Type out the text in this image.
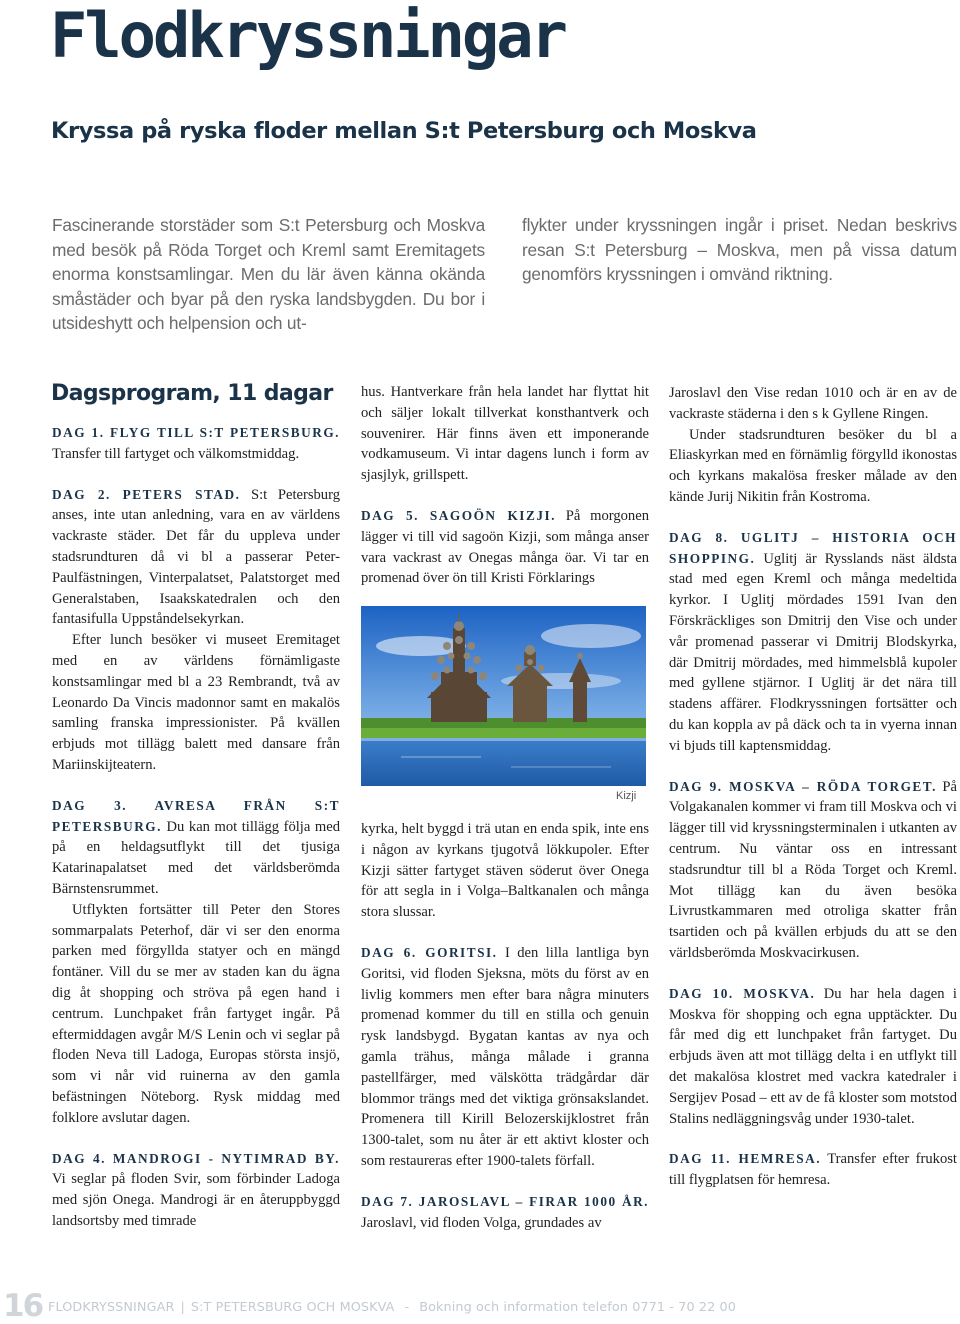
Flodkryssningar
Kryssa på ryska floder mellan S:t Petersburg och Moskva

Fascinerande storstäder som S:t Petersburg och Moskva med besök på Röda Torget och Kreml samt Eremitagets enorma konstsamlingar. Men du lär även känna okända småstäder och byar på den ryska landsbygden. Du bor i utsideshytt och helpension och ut-

flykter under kryssningen ingår i priset. Nedan beskrivs resan S:t Petersburg – Moskva, men på vissa datum genomförs kryssningen i omvänd riktning.

Dagsprogram, 11 dagar

DAG 1. FLYG TILL S:T PETERSBURG. Transfer till fartyget och välkomstmiddag.

DAG 2. PETERS STAD. S:t Petersburg anses, inte utan anledning, vara en av världens vackraste städer. Det får du uppleva under stadsrundturen då vi bl a passerar Peter-Paulfästningen, Vinterpalatset, Palatstorget med Generalstaben, Isaakskatedralen och den fantasifulla Uppståndelsekyrkan.

Efter lunch besöker vi museet Eremitaget med en av världens förnämligaste konstsamlingar med bl a 23 Rembrandt, två av Leonardo Da Vincis madonnor samt en makalös samling franska impressionister. På kvällen erbjuds mot tillägg balett med dansare från Mariinskijteatern.

DAG 3. AVRESA FRÅN S:T PETERSBURG. Du kan mot tillägg följa med på en heldagsutflykt till det tjusiga Katarinapalatset med det världsberömda Bärnstensrummet.

Utflykten fortsätter till Peter den Stores sommarpalats Peterhof, där vi ser den enorma parken med förgyllda statyer och en mängd fontäner. Vill du se mer av staden kan du ägna dig åt shopping och ströva på egen hand i centrum. Lunchpaket från fartyget ingår. På eftermiddagen avgår M/S Lenin och vi seglar på floden Neva till Ladoga, Europas största insjö, som vi når vid ruinerna av den gamla befästningen Nöteborg. Rysk middag med folklore avslutar dagen.

DAG 4. MANDROGI - NYTIMRAD BY. Vi seglar på floden Svir, som förbinder Ladoga med sjön Onega. Mandrogi är en återuppbyggd landsortsby med timrade

hus. Hantverkare från hela landet har flyttat hit och säljer lokalt tillverkat konsthantverk och souvenirer. Här finns även ett imponerande vodkamuseum. Vi intar dagens lunch i form av sjasjlyk, grillspett.

DAG 5. SAGOÖN KIZJI. På morgonen lägger vi till vid sagoön Kizji, som många anser vara vackrast av Onegas många öar. Vi tar en promenad över ön till Kristi Förklarings

Kizji

kyrka, helt byggd i trä utan en enda spik, inte ens i någon av kyrkans tjugotvå lökkupoler. Efter Kizji sätter fartyget stäven söderut över Onega för att segla in i Volga–Baltkanalen och många stora slussar.

DAG 6. GORITSI. I den lilla lantliga byn Goritsi, vid floden Sjeksna, möts du först av en livlig kommers men efter bara några minuters promenad kommer du till en stilla och genuin rysk landsbygd. Bygatan kantas av nya och gamla trähus, många målade i granna pastellfärger, med välskötta trädgårdar där blommor trängs med det viktiga grönsakslandet. Promenera till Kirill Belozerskijklostret från 1300-talet, som nu åter är ett aktivt kloster och som restaureras efter 1900-talets förfall.

DAG 7. JAROSLAVL – FIRAR 1000 ÅR. Jaroslavl, vid floden Volga, grundades av

Jaroslavl den Vise redan 1010 och är en av de vackraste städerna i den s k Gyllene Ringen.

Under stadsrundturen besöker du bl a Eliaskyrkan med en förnämlig förgylld ikonostas och kyrkans makalösa fresker målade av den kände Jurij Nikitin från Kostroma.

DAG 8. UGLITJ – HISTORIA OCH SHOPPING. Uglitj är Rysslands näst äldsta stad med egen Kreml och många medeltida kyrkor. I Uglitj mördades 1591 Ivan den Förskräckliges son Dmitrij den Vise och under vår promenad passerar vi Dmitrij Blodskyrka, där Dmitrij mördades, med himmelsblå kupoler med gyllene stjärnor. I Uglitj är det nära till stadens affärer. Flodkryssningen fortsätter och du kan koppla av på däck och ta in vyerna innan vi bjuds till kaptensmiddag.

DAG 9. MOSKVA – RÖDA TORGET. På Volgakanalen kommer vi fram till Moskva och vi lägger till vid kryssningsterminalen i utkanten av centrum. Nu väntar oss en intressant stadsrundtur till bl a Röda Torget och Kreml. Mot tillägg kan du även besöka Livrustkammaren med otroliga skatter från tsartiden och på kvällen erbjuds du att se den världsberömda Moskvacirkusen.

DAG 10. MOSKVA. Du har hela dagen i Moskva för shopping och egna upptäckter. Du får med dig ett lunchpaket från fartyget. Du erbjuds även att mot tillägg delta i en utflykt till det makalösa klostret med vackra katedraler i Sergijev Posad – ett av de få kloster som motstod Stalins nedläggningsvåg under 1930-talet.

DAG 11. HEMRESA. Transfer efter frukost till flygplatsen för hemresa.

16 FLODKRYSSNINGAR | S:T PETERSBURG OCH MOSKVA - Bokning och information telefon 0771 - 70 22 00
